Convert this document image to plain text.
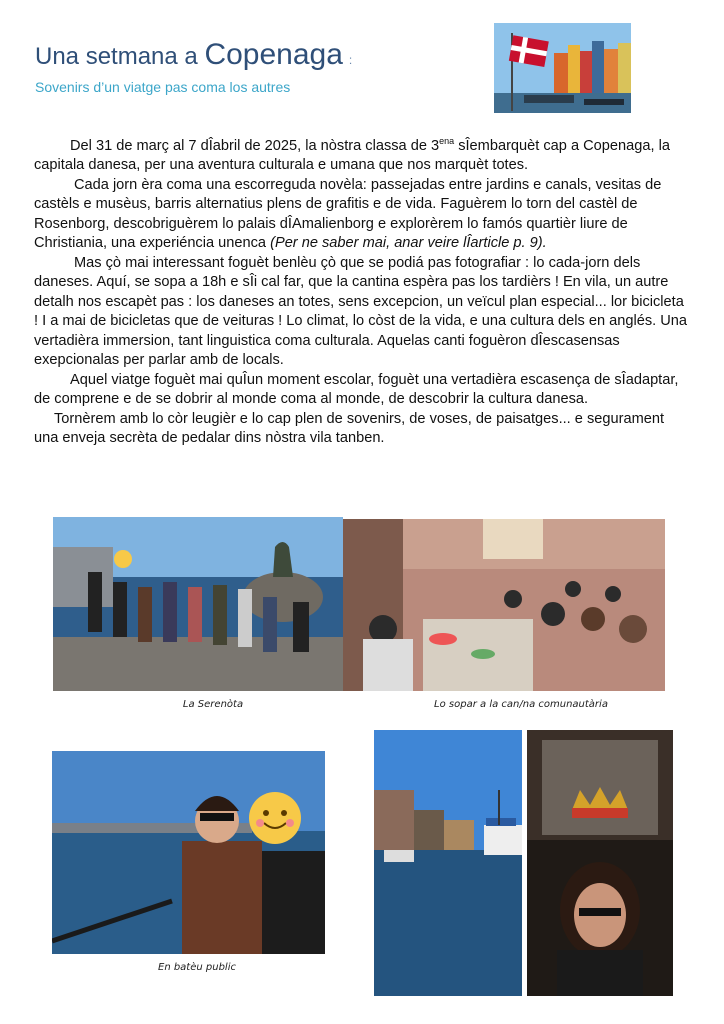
Una setmana a Copenaga :
Sovenirs d’un viatge pas coma los autres

Del 31 de març al 7 dÎabril de 2025, la nòstra classa de $3^{ena}$ sÎembarquèt cap a Copenaga, la capitala danesa, per una aventura culturala e umana que nos marquèt totes.

Cada jorn èra coma una escorreguda novèla: passejadas entre jardins e canals, vesitas de castèls e musèus, barris alternatius plens de grafitis e de vida. Faguèrem lo torn del castèl de Rosenborg, descobriguèrem lo palais dÎAmalienborg e explorèrem lo famós quartièr liure de Christiania, una experiéncia unenca (Per ne saber mai, anar veire lÎarticle p. 9).

Mas çò mai interessant foguèt benlèu çò que se podiá pas fotografiar : lo cada-jorn dels daneses. Aquí, se sopa a 18h e sÎi cal far, que la cantina espèra pas los tardièrs ! En vila, un autre detalh nos escapèt pas : los daneses an totes, sens excepcion, un veïcul plan especial... lor bicicleta ! I a mai de bicicletas que de veituras ! Lo climat, lo còst de la vida, e una cultura dels en anglés. Una vertadièra immersion, tant linguistica coma culturala. Aquelas canti foguèron dÎescasensas exepcionalas per parlar amb de locals.

Aquel viatge foguèt mai quÎun moment escolar, foguèt una vertadièra escasença de sÎadaptar, de comprene e de se dobrir al monde coma al monde, de descobrir la cultura danesa.

Tornèrem amb lo còr leugièr e lo cap plen de sovenirs, de voses, de paisatges... e segurament una enveja secrèta de pedalar dins nòstra vila tanben.

La Serenòta	Lo sopar a la can/na comunautària
En batèu public
